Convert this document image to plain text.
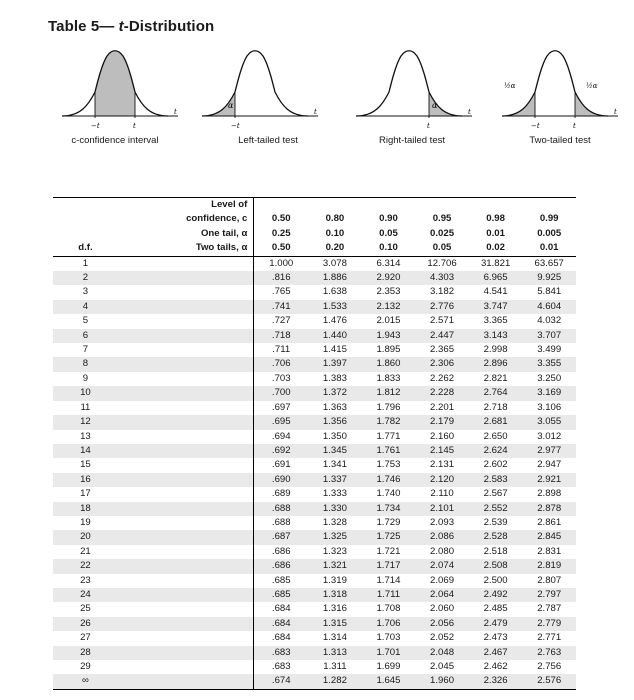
Table 5— t-Distribution
−t	t
t
c-confidence interval
α
−t
t
Left-tailed test
α
t
t
Right-tailed test
½α	½α
−t	t
t
Two-tailed test
	Level of						
	confidence, c	0.50	0.80	0.90	0.95	0.98	0.99
	One tail, α	0.25	0.10	0.05	0.025	0.01	0.005
d.f.	Two tails, α	0.50	0.20	0.10	0.05	0.02	0.01
1		1.000	3.078	6.314	12.706	31.821	63.657
2		.816	1.886	2.920	4.303	6.965	9.925
3		.765	1.638	2.353	3.182	4.541	5.841
4		.741	1.533	2.132	2.776	3.747	4.604
5		.727	1.476	2.015	2.571	3.365	4.032
6		.718	1.440	1.943	2.447	3.143	3.707
7		.711	1.415	1.895	2.365	2.998	3.499
8		.706	1.397	1.860	2.306	2.896	3.355
9		.703	1.383	1.833	2.262	2.821	3.250
10		.700	1.372	1.812	2.228	2.764	3.169
11		.697	1.363	1.796	2.201	2.718	3.106
12		.695	1.356	1.782	2.179	2.681	3.055
13		.694	1.350	1.771	2.160	2.650	3.012
14		.692	1.345	1.761	2.145	2.624	2.977
15		.691	1.341	1.753	2.131	2.602	2.947
16		.690	1.337	1.746	2.120	2.583	2.921
17		.689	1.333	1.740	2.110	2.567	2.898
18		.688	1.330	1.734	2.101	2.552	2.878
19		.688	1.328	1.729	2.093	2.539	2.861
20		.687	1.325	1.725	2.086	2.528	2.845
21		.686	1.323	1.721	2.080	2.518	2.831
22		.686	1.321	1.717	2.074	2.508	2.819
23		.685	1.319	1.714	2.069	2.500	2.807
24		.685	1.318	1.711	2.064	2.492	2.797
25		.684	1.316	1.708	2.060	2.485	2.787
26		.684	1.315	1.706	2.056	2.479	2.779
27		.684	1.314	1.703	2.052	2.473	2.771
28		.683	1.313	1.701	2.048	2.467	2.763
29		.683	1.311	1.699	2.045	2.462	2.756
∞		.674	1.282	1.645	1.960	2.326	2.576
